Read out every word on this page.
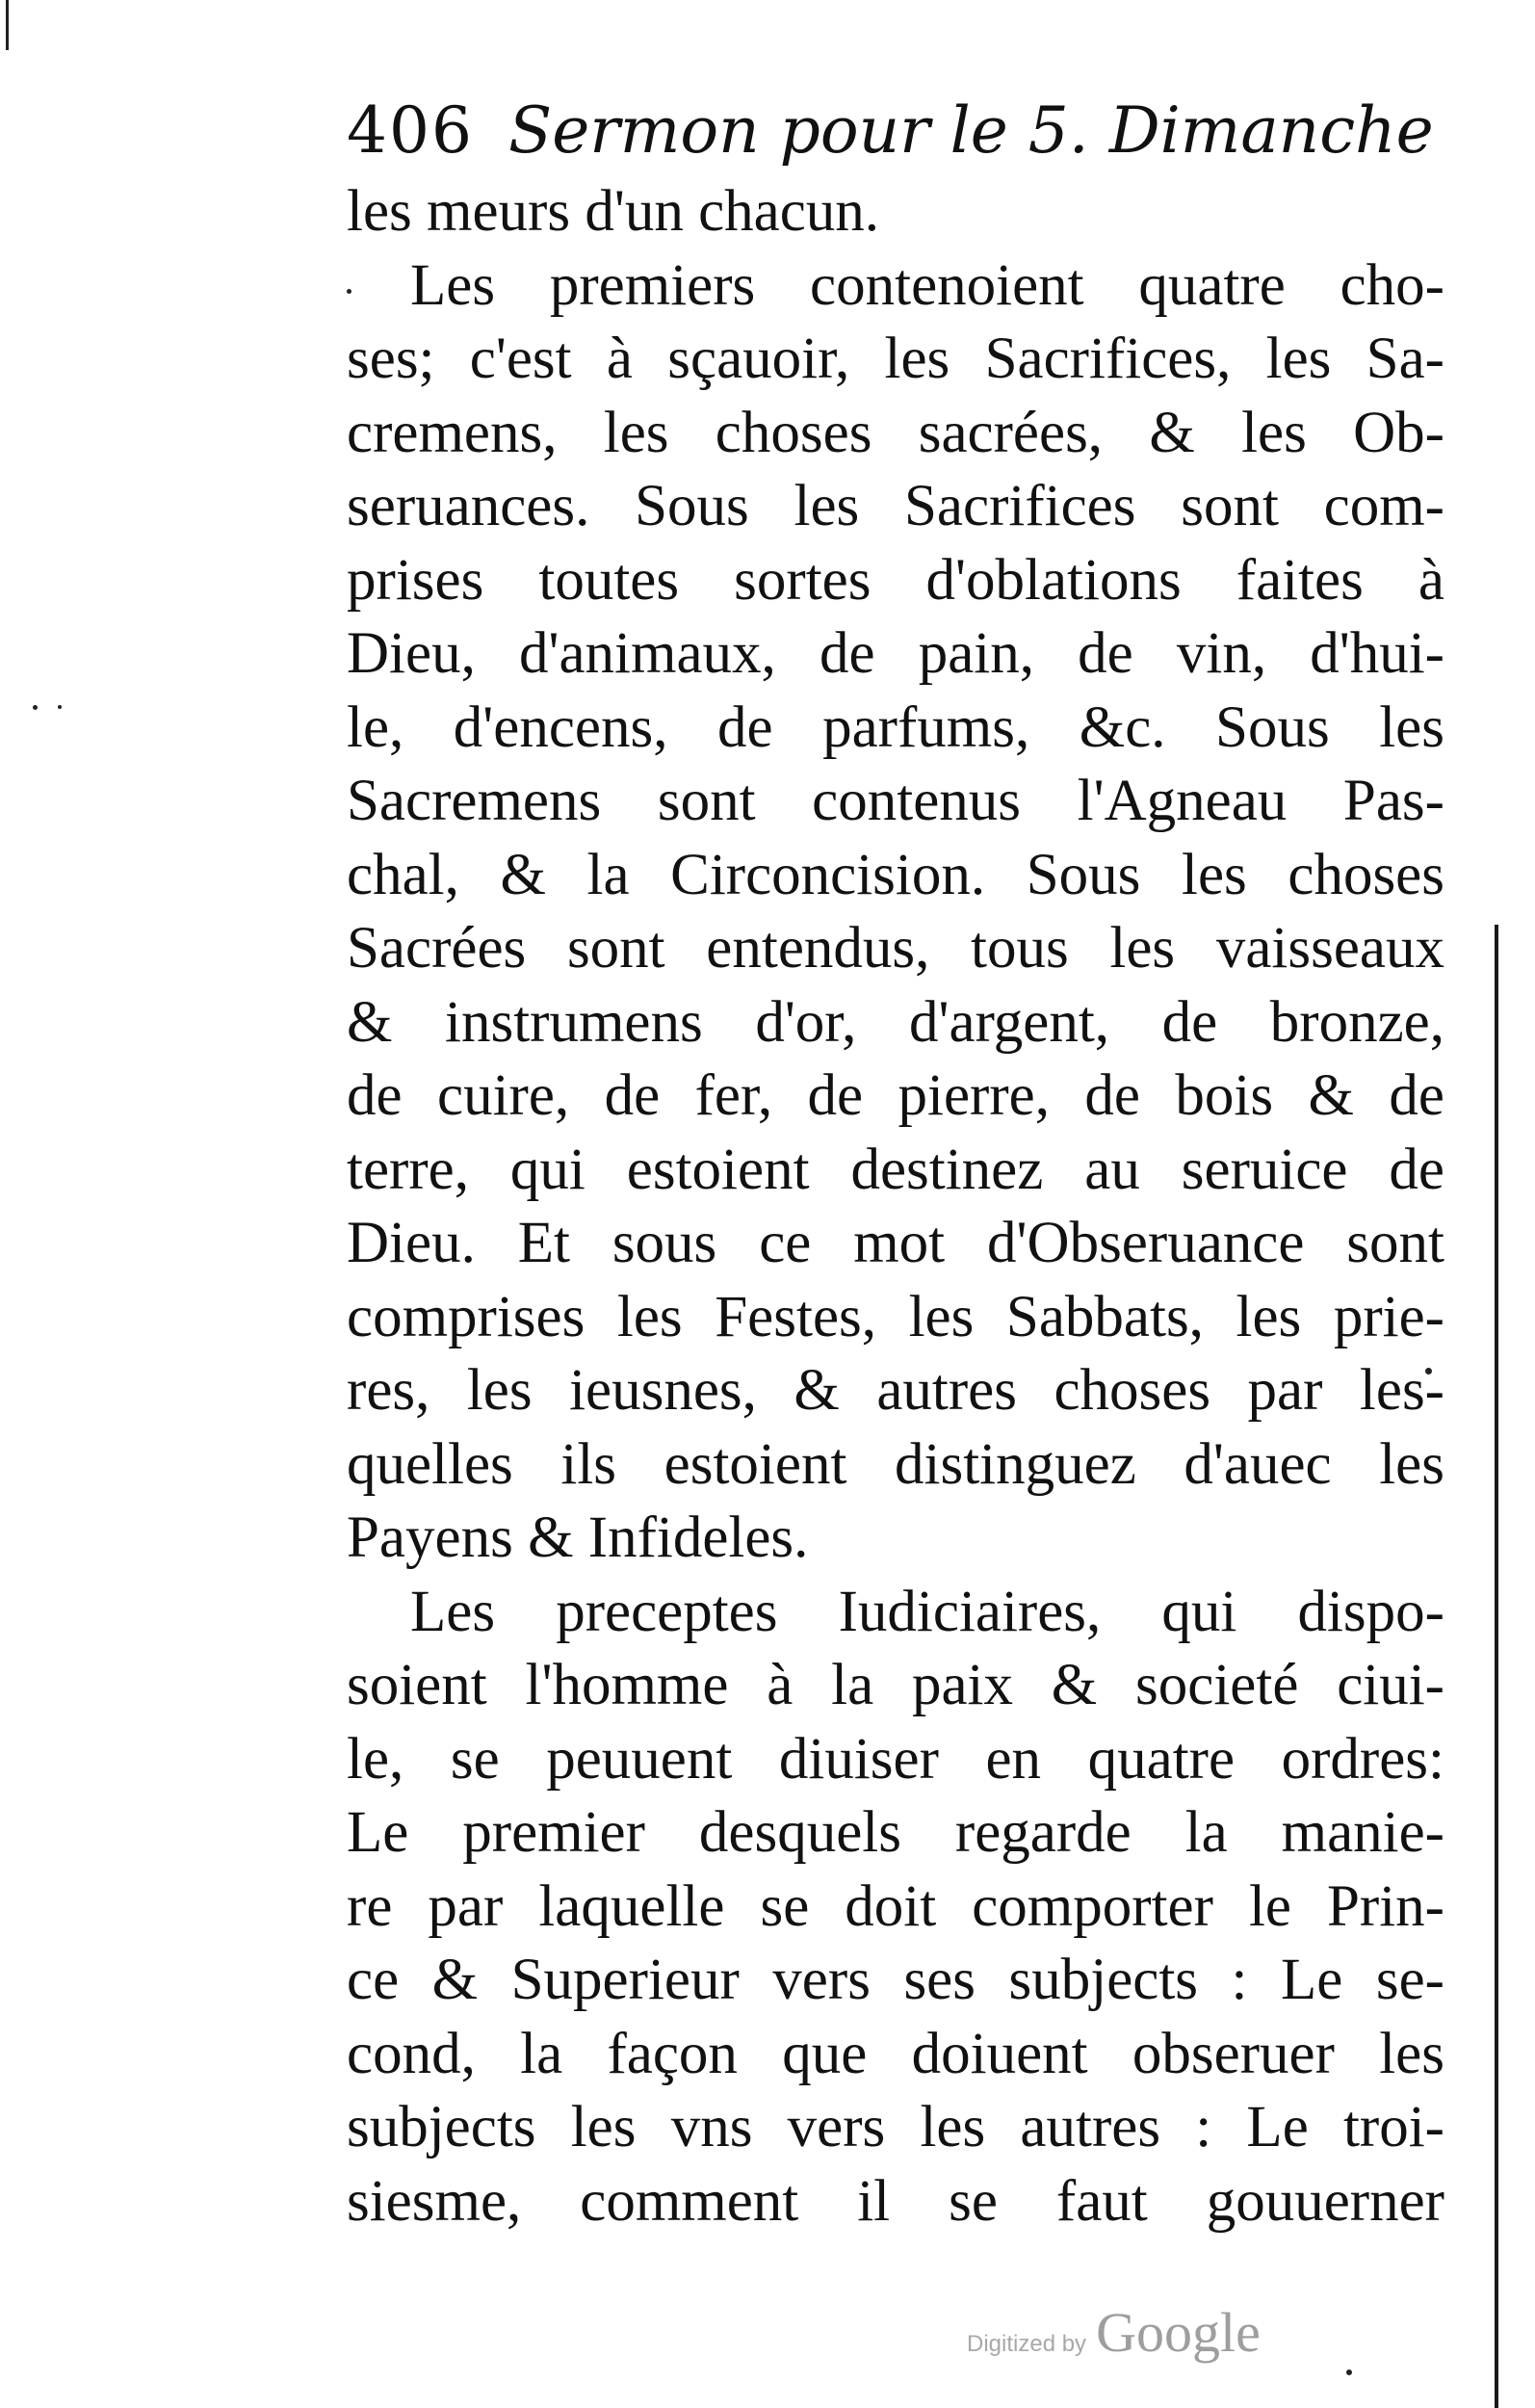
406 Sermon pour le 5. Dimanche
les meurs d'un chacun.
Les premiers contenoient quatre cho-
ses; c'est à sçauoir, les Sacrifices, les Sa-
cremens, les choses sacrées, & les Ob-
seruances. Sous les Sacrifices sont com-
prises toutes sortes d'oblations faites à
Dieu, d'animaux, de pain, de vin, d'hui-
le, d'encens, de parfums, &c. Sous les
Sacremens sont contenus l'Agneau Pas-
chal, & la Circoncision. Sous les choses
Sacrées sont entendus, tous les vaisseaux
& instrumens d'or, d'argent, de bronze,
de cuire, de fer, de pierre, de bois & de
terre, qui estoient destinez au seruice de
Dieu. Et sous ce mot d'Obseruance sont
comprises les Festes, les Sabbats, les prie-
res, les ieusnes, & autres choses par les-
quelles ils estoient distinguez d'auec les
Payens & Infideles.
Les preceptes Iudiciaires, qui dispo-
soient l'homme à la paix & societé ciui-
le, se peuuent diuiser en quatre ordres:
Le premier desquels regarde la manie-
re par laquelle se doit comporter le Prin-
ce & Superieur vers ses subjects : Le se-
cond, la façon que doiuent obseruer les
subjects les vns vers les autres : Le troi-
siesme, comment il se faut gouuerner
Digitized by Google
